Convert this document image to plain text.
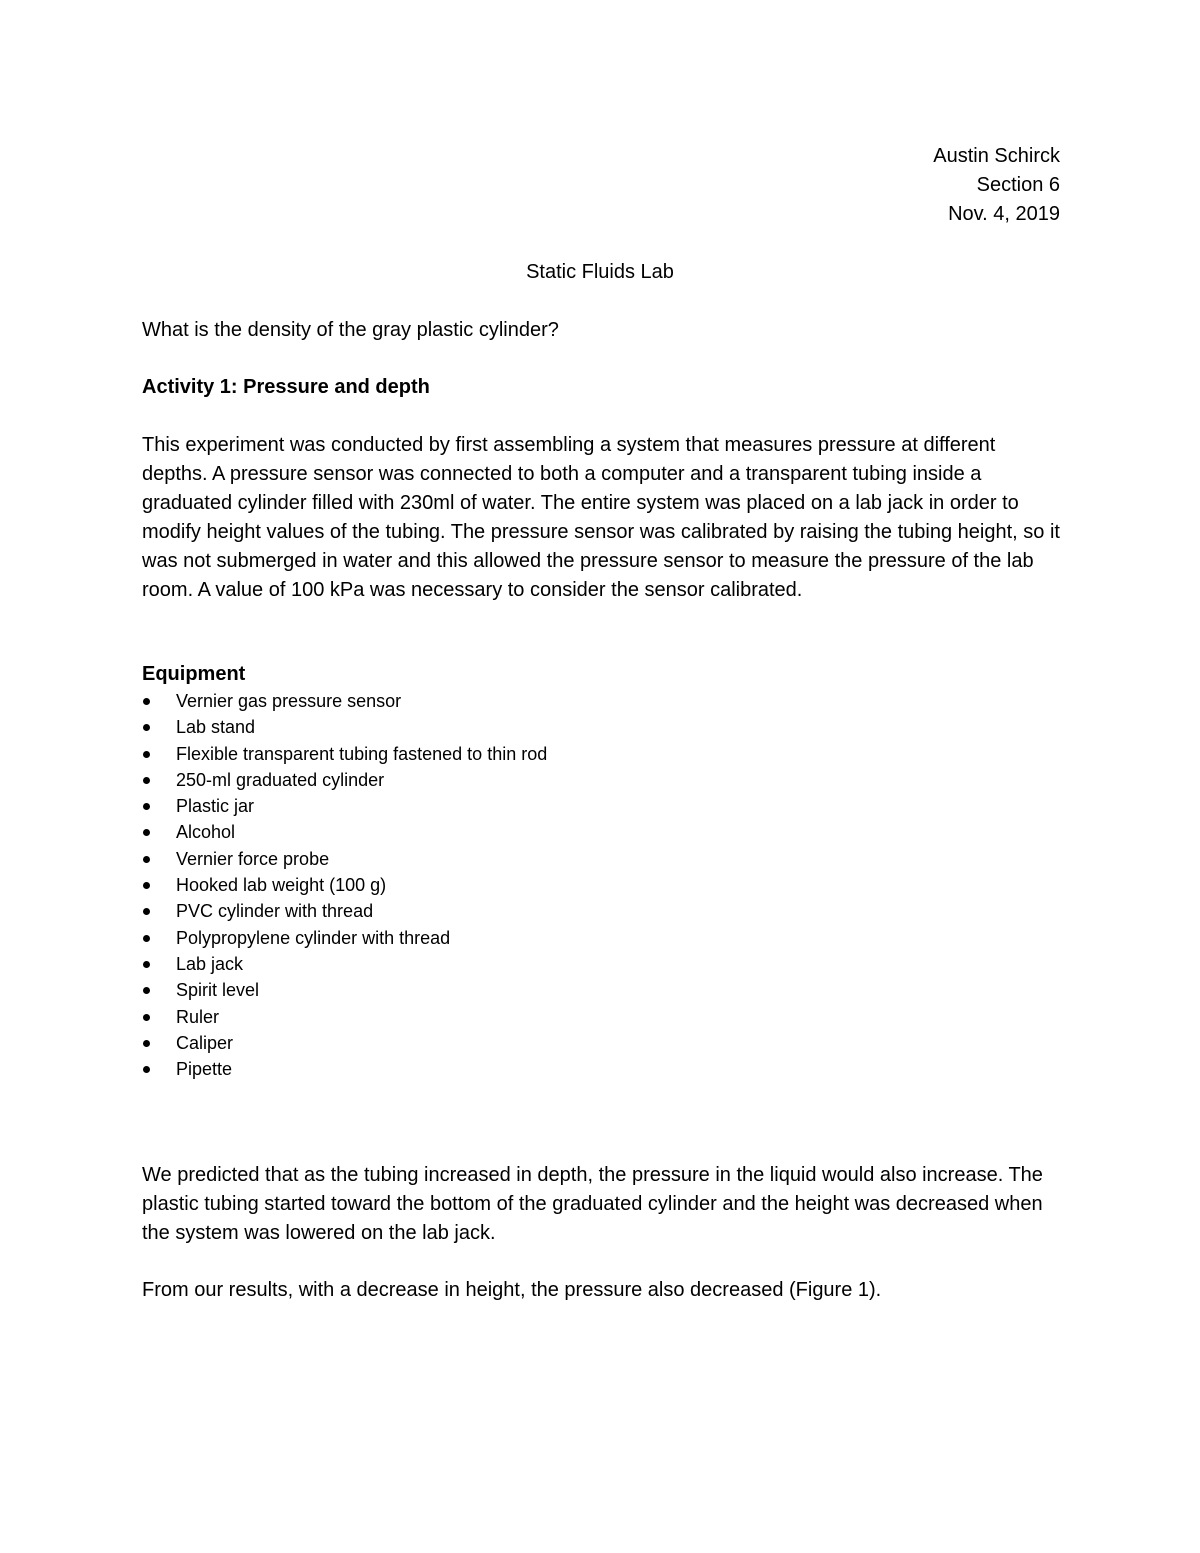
Austin Schirck
Section 6
Nov. 4, 2019
Static Fluids Lab
What is the density of the gray plastic cylinder?
Activity 1: Pressure and depth
This experiment was conducted by first assembling a system that measures pressure at different depths. A pressure sensor was connected to both a computer and a transparent tubing inside a graduated cylinder filled with 230ml of water. The entire system was placed on a lab jack in order to modify height values of the tubing. The pressure sensor was calibrated by raising the tubing height, so it was not submerged in water and this allowed the pressure sensor to measure the pressure of the lab room. A value of 100 kPa was necessary to consider the sensor calibrated.
Equipment
Vernier gas pressure sensor
Lab stand
Flexible transparent tubing fastened to thin rod
250-ml graduated cylinder
Plastic jar
Alcohol
Vernier force probe
Hooked lab weight (100 g)
PVC cylinder with thread
Polypropylene cylinder with thread
Lab jack
Spirit level
Ruler
Caliper
Pipette
We predicted that as the tubing increased in depth, the pressure in the liquid would also increase. The plastic tubing started toward the bottom of the graduated cylinder and the height was decreased when the system was lowered on the lab jack.
From our results, with a decrease in height, the pressure also decreased (Figure 1).
